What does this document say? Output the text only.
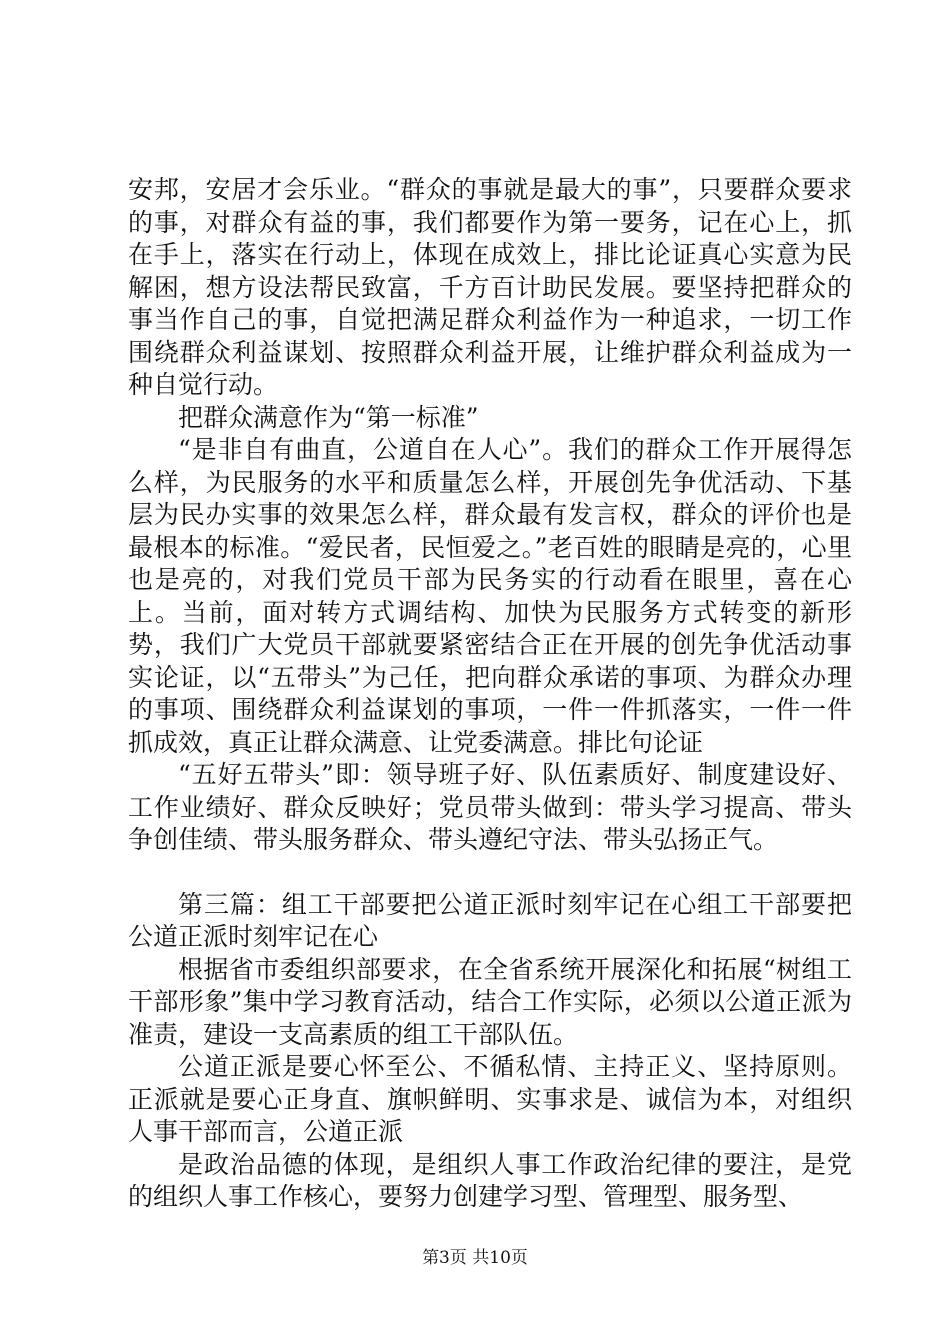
安邦，安居才会乐业。“群众的事就是最大的事”，只要群众要求的事，对群众有益的事，我们都要作为第一要务，记在心上，抓在手上，落实在行动上，体现在成效上，排比论证真心实意为民解困，想方设法帮民致富，千方百计助民发展。要坚持把群众的事当作自己的事，自觉把满足群众利益作为一种追求，一切工作围绕群众利益谋划、按照群众利益开展，让维护群众利益成为一种自觉行动。

把群众满意作为“第一标准”

“是非自有曲直，公道自在人心”。我们的群众工作开展得怎么样，为民服务的水平和质量怎么样，开展创先争优活动、下基层为民办实事的效果怎么样，群众最有发言权，群众的评价也是最根本的标准。“爱民者，民恒爱之。”老百姓的眼睛是亮的，心里也是亮的，对我们党员干部为民务实的行动看在眼里，喜在心上。当前，面对转方式调结构、加快为民服务方式转变的新形势，我们广大党员干部就要紧密结合正在开展的创先争优活动事实论证，以“五带头”为己任，把向群众承诺的事项、为群众办理的事项、围绕群众利益谋划的事项，一件一件抓落实，一件一件抓成效，真正让群众满意、让党委满意。排比句论证

“五好五带头”即：领导班子好、队伍素质好、制度建设好、工作业绩好、群众反映好；党员带头做到：带头学习提高、带头争创佳绩、带头服务群众、带头遵纪守法、带头弘扬正气。

第三篇：组工干部要把公道正派时刻牢记在心组工干部要把公道正派时刻牢记在心

根据省市委组织部要求，在全省系统开展深化和拓展“树组工干部形象”集中学习教育活动，结合工作实际，必须以公道正派为准责，建设一支高素质的组工干部队伍。

公道正派是要心怀至公、不循私情、主持正义、坚持原则。正派就是要心正身直、旗帜鲜明、实事求是、诚信为本，对组织人事干部而言，公道正派

是政治品德的体现，是组织人事工作政治纪律的要注，是党的组织人事工作核心，要努力创建学习型、管理型、服务型、

第3页 共10页
